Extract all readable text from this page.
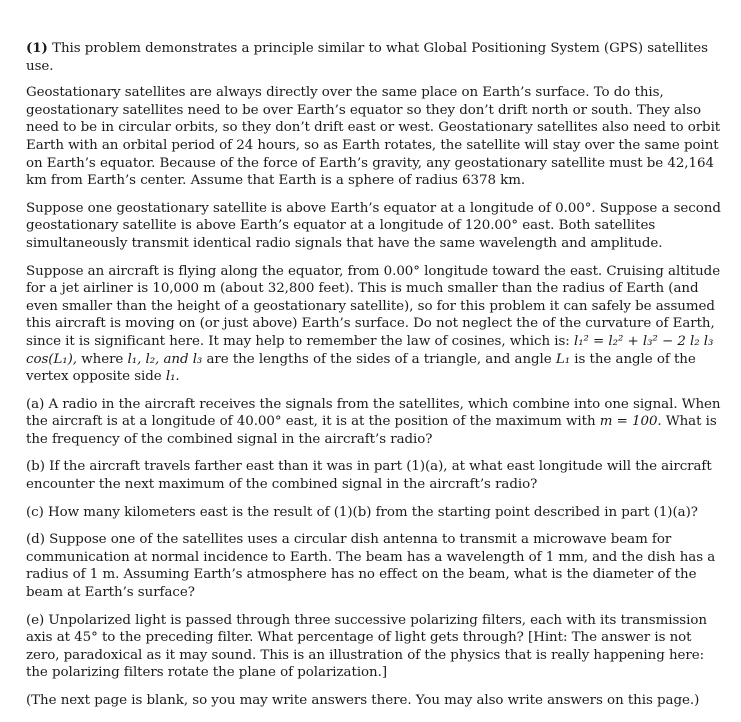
(1) This problem demonstrates a principle similar to what Global Positioning System (GPS) satellites use.

Geostationary satellites are always directly over the same place on Earth’s surface. To do this, geostationary satellites need to be over Earth’s equator so they don’t drift north or south. They also need to be in circular orbits, so they don’t drift east or west. Geostationary satellites also need to orbit Earth with an orbital period of 24 hours, so as Earth rotates, the satellite will stay over the same point on Earth’s equator. Because of the force of Earth’s gravity, any geostationary satellite must be 42,164 km from Earth’s center. Assume that Earth is a sphere of radius 6378 km.

Suppose one geostationary satellite is above Earth’s equator at a longitude of 0.00°. Suppose a second geostationary satellite is above Earth’s equator at a longitude of 120.00° east. Both satellites simultaneously transmit identical radio signals that have the same wavelength and amplitude.

Suppose an aircraft is flying along the equator, from 0.00° longitude toward the east. Cruising altitude for a jet airliner is 10,000 m (about 32,800 feet). This is much smaller than the radius of Earth (and even smaller than the height of a geostationary satellite), so for this problem it can safely be assumed this aircraft is moving on (or just above) Earth’s surface. Do not neglect the of the curvature of Earth, since it is significant here. It may help to remember the law of cosines, which is: l₁² = l₂² + l₃² − 2 l₂ l₃ cos(L₁), where l₁, l₂, and l₃ are the lengths of the sides of a triangle, and angle L₁ is the angle of the vertex opposite side l₁.

(a) A radio in the aircraft receives the signals from the satellites, which combine into one signal. When the aircraft is at a longitude of 40.00° east, it is at the position of the maximum with m = 100. What is the frequency of the combined signal in the aircraft’s radio?

(b) If the aircraft travels farther east than it was in part (1)(a), at what east longitude will the aircraft encounter the next maximum of the combined signal in the aircraft’s radio?

(c) How many kilometers east is the result of (1)(b) from the starting point described in part (1)(a)?

(d) Suppose one of the satellites uses a circular dish antenna to transmit a microwave beam for communication at normal incidence to Earth. The beam has a wavelength of 1 mm, and the dish has a radius of 1 m. Assuming Earth’s atmosphere has no effect on the beam, what is the diameter of the beam at Earth’s surface?

(e) Unpolarized light is passed through three successive polarizing filters, each with its transmission axis at 45° to the preceding filter. What percentage of light gets through? [Hint: The answer is not zero, paradoxical as it may sound. This is an illustration of the physics that is really happening here: the polarizing filters rotate the plane of polarization.]

(The next page is blank, so you may write answers there. You may also write answers on this page.)
